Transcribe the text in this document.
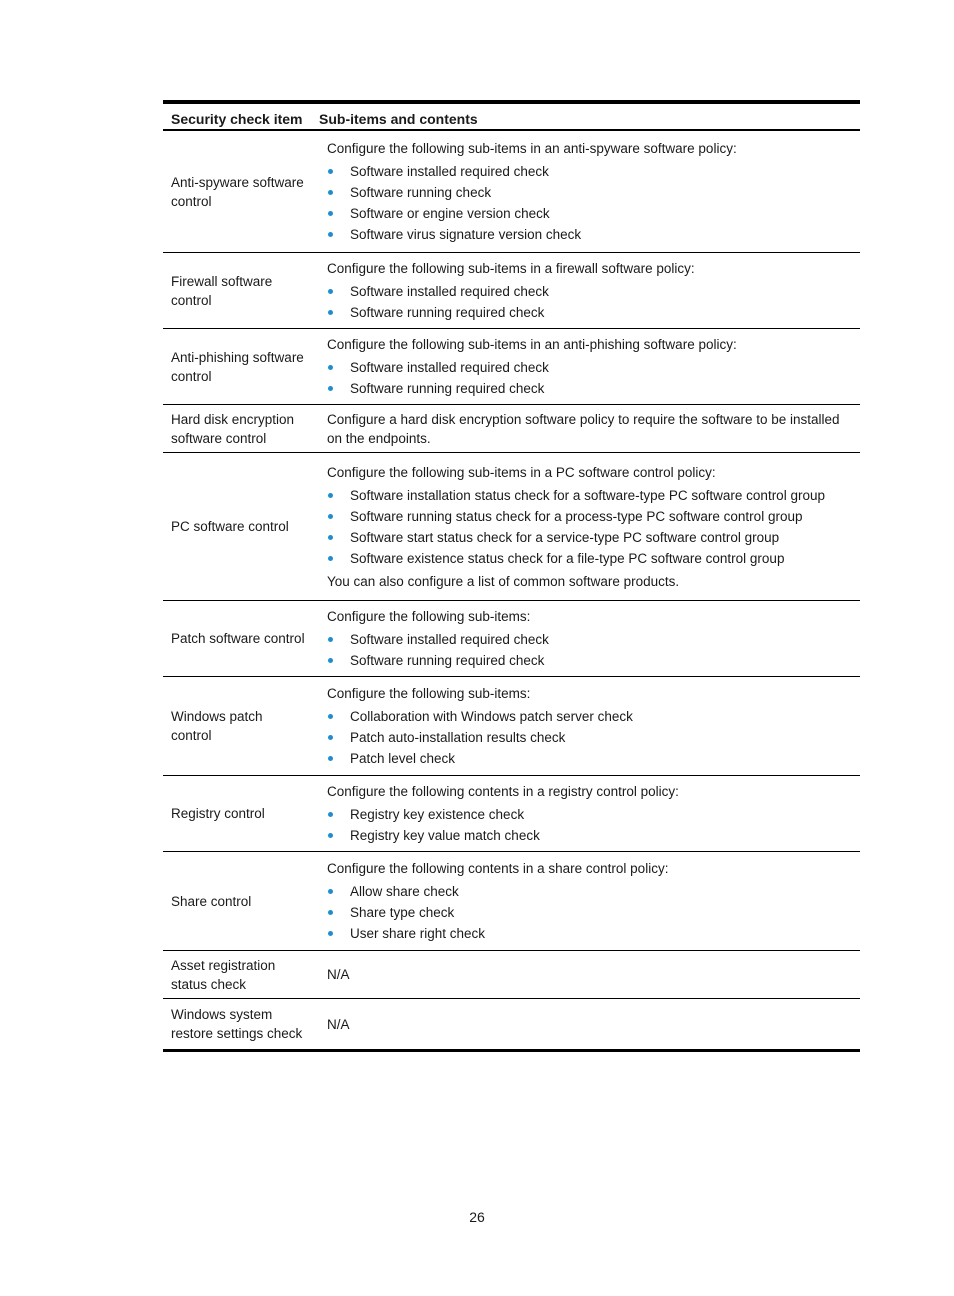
Security check item	Sub-items and contents
Anti-spyware software control
Configure the following sub-items in an anti-spyware software policy:
Software installed required check
Software running check
Software or engine version check
Software virus signature version check
Firewall software control
Configure the following sub-items in a firewall software policy:
Software installed required check
Software running required check
Anti-phishing software control
Configure the following sub-items in an anti-phishing software policy:
Software installed required check
Software running required check
Hard disk encryption software control
Configure a hard disk encryption software policy to require the software to be installed on the endpoints.
PC software control
Configure the following sub-items in a PC software control policy:
Software installation status check for a software-type PC software control group
Software running status check for a process-type PC software control group
Software start status check for a service-type PC software control group
Software existence status check for a file-type PC software control group
You can also configure a list of common software products.
Patch software control
Configure the following sub-items:
Software installed required check
Software running required check
Windows patch control
Configure the following sub-items:
Collaboration with Windows patch server check
Patch auto-installation results check
Patch level check
Registry control
Configure the following contents in a registry control policy:
Registry key existence check
Registry key value match check
Share control
Configure the following contents in a share control policy:
Allow share check
Share type check
User share right check
Asset registration status check
N/A
Windows system restore settings check
N/A
26
